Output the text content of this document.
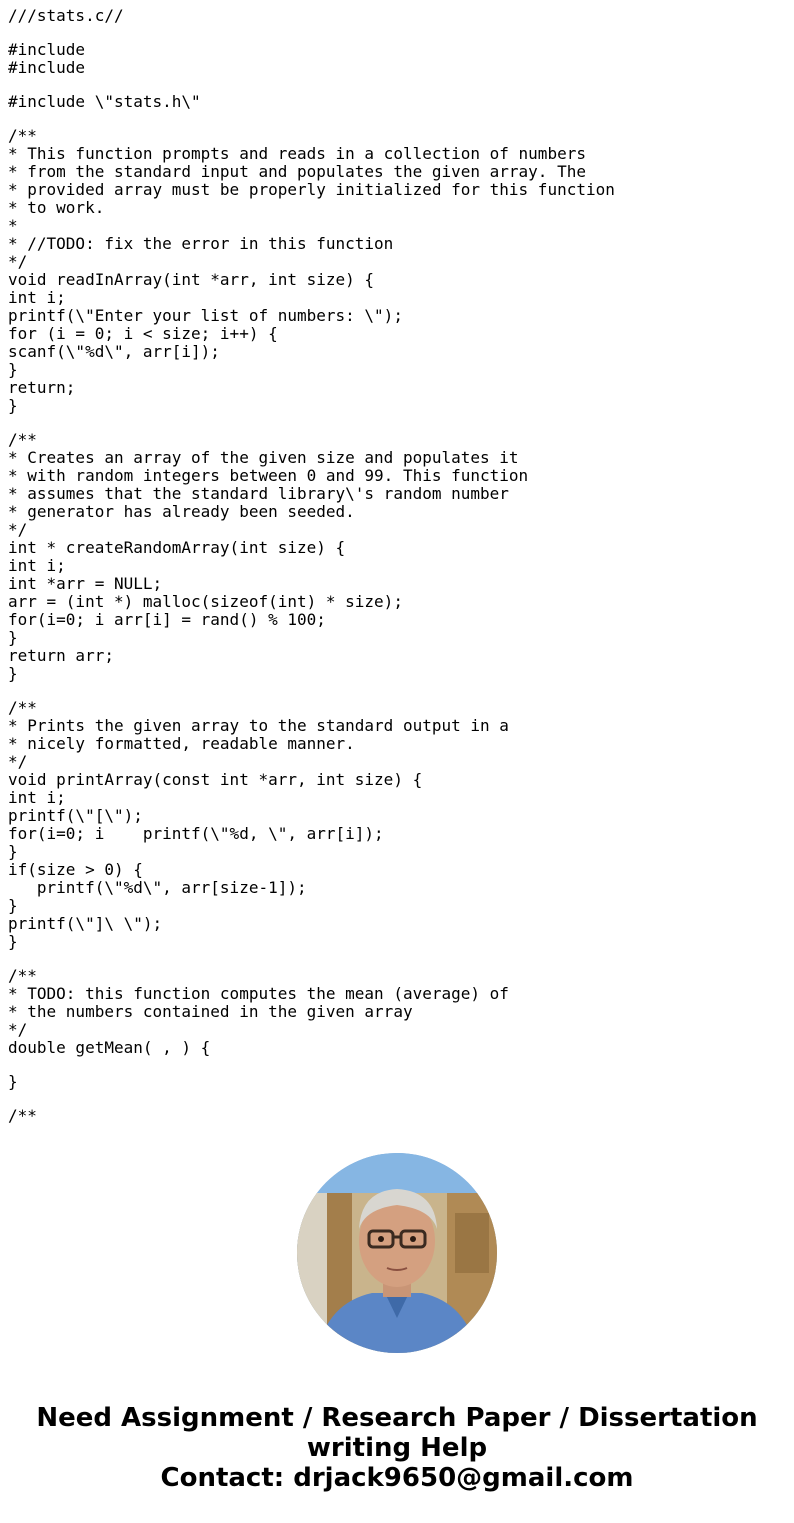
///stats.c//
#include
#include
#include \"stats.h\"
/**
* This function prompts and reads in a collection of numbers
* from the standard input and populates the given array. The
* provided array must be properly initialized for this function
* to work.
*
* //TODO: fix the error in this function
*/
void readInArray(int *arr, int size) {
int i;
printf(\"Enter your list of numbers: \");
for (i = 0; i < size; i++) {
scanf(\"%d\", arr[i]);
}
return;
}
/**
* Creates an array of the given size and populates it
* with random integers between 0 and 99. This function
* assumes that the standard library\'s random number
* generator has already been seeded.
*/
int * createRandomArray(int size) {
int i;
int *arr = NULL;
arr = (int *) malloc(sizeof(int) * size);
for(i=0; i arr[i] = rand() % 100;
}
return arr;
}
/**
* Prints the given array to the standard output in a
* nicely formatted, readable manner.
*/
void printArray(const int *arr, int size) {
int i;
printf(\"[\");
for(i=0; i    printf(\"%d, \", arr[i]);
}
if(size > 0) {
printf(\"%d\", arr[size-1]);
}
printf(\"]\ \");
}
/**
* TODO: this function computes the mean (average) of
* the numbers contained in the given array
*/
double getMean( , ) {
}
/**
Need Assignment / Research Paper / Dissertation
writing Help
Contact: drjack9650@gmail.com
